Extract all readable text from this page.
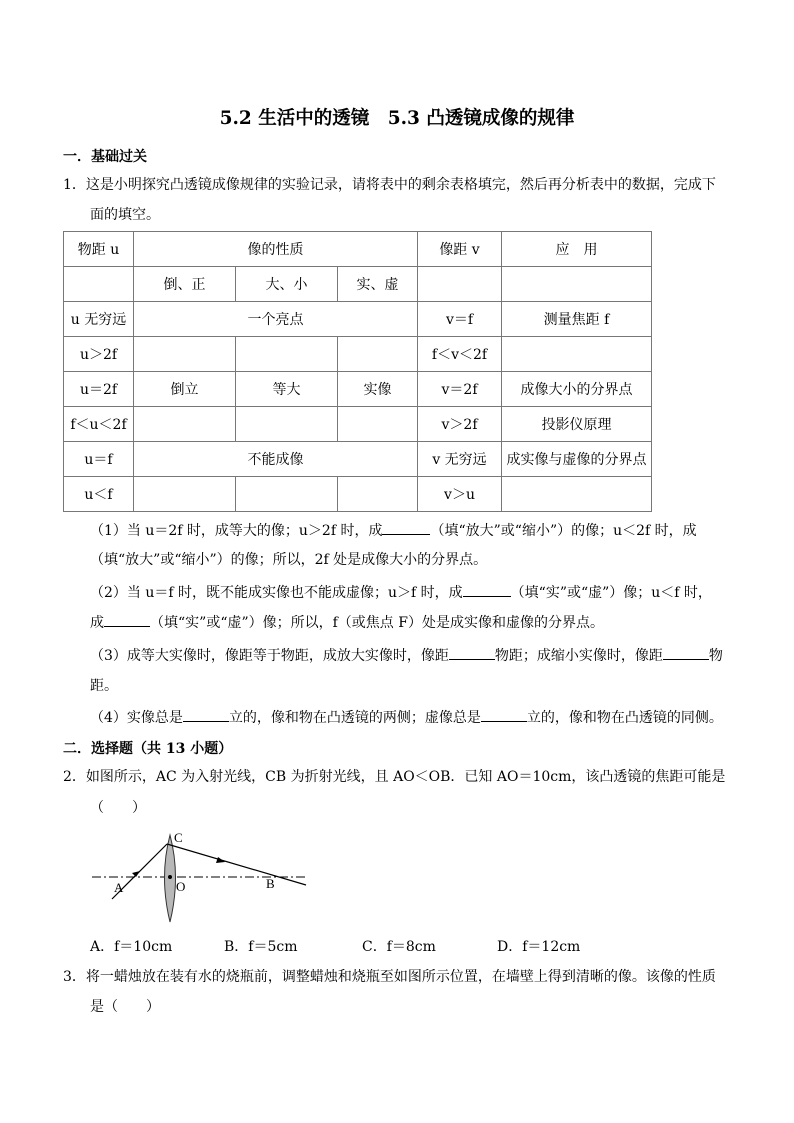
5.2 生活中的透镜　5.3 凸透镜成像的规律
一．基础过关
1．这是小明探究凸透镜成像规律的实验记录，请将表中的剩余表格填完，然后再分析表中的数据，完成下
面的填空。
物距 u	像的性质			像距 v	应　用
	倒、正	大、小	实、虚		
u 无穷远	一个亮点			v＝f	测量焦距 f
u＞2f				f＜v＜2f	
u＝2f	倒立	等大	实像	v＝2f	成像大小的分界点
f＜u＜2f				v＞2f	投影仪原理
u＝f	不能成像			v 无穷远	成实像与虚像的分界点
u＜f				v＞u	
（1）当 u＝2f 时，成等大的像；u＞2f 时，成	（填“放大”或“缩小”）的像；u＜2f 时，成
（填“放大”或“缩小”）的像；所以，2f 处是成像大小的分界点。
（2）当 u＝f 时，既不能成实像也不能成虚像；u＞f 时，成	（填“实”或“虚”）像；u＜f 时，
成	（填“实”或“虚”）像；所以，f（或焦点 F）处是成实像和虚像的分界点。
（3）成等大实像时，像距等于物距，成放大实像时，像距	物距；成缩小实像时，像距	物
距。
（4）实像总是	立的，像和物在凸透镜的两侧；虚像总是	立的，像和物在凸透镜的同侧。
二．选择题（共 13 小题）
2．如图所示，AC 为入射光线，CB 为折射光线，且 AO＜OB．已知 AO＝10cm，该凸透镜的焦距可能是
（　　）
A	O	B
C
A．f＝10cm	B．f＝5cm	C．f＝8cm	D．f＝12cm
3．将一蜡烛放在装有水的烧瓶前，调整蜡烛和烧瓶至如图所示位置，在墙壁上得到清晰的像。该像的性质
是（　　）
